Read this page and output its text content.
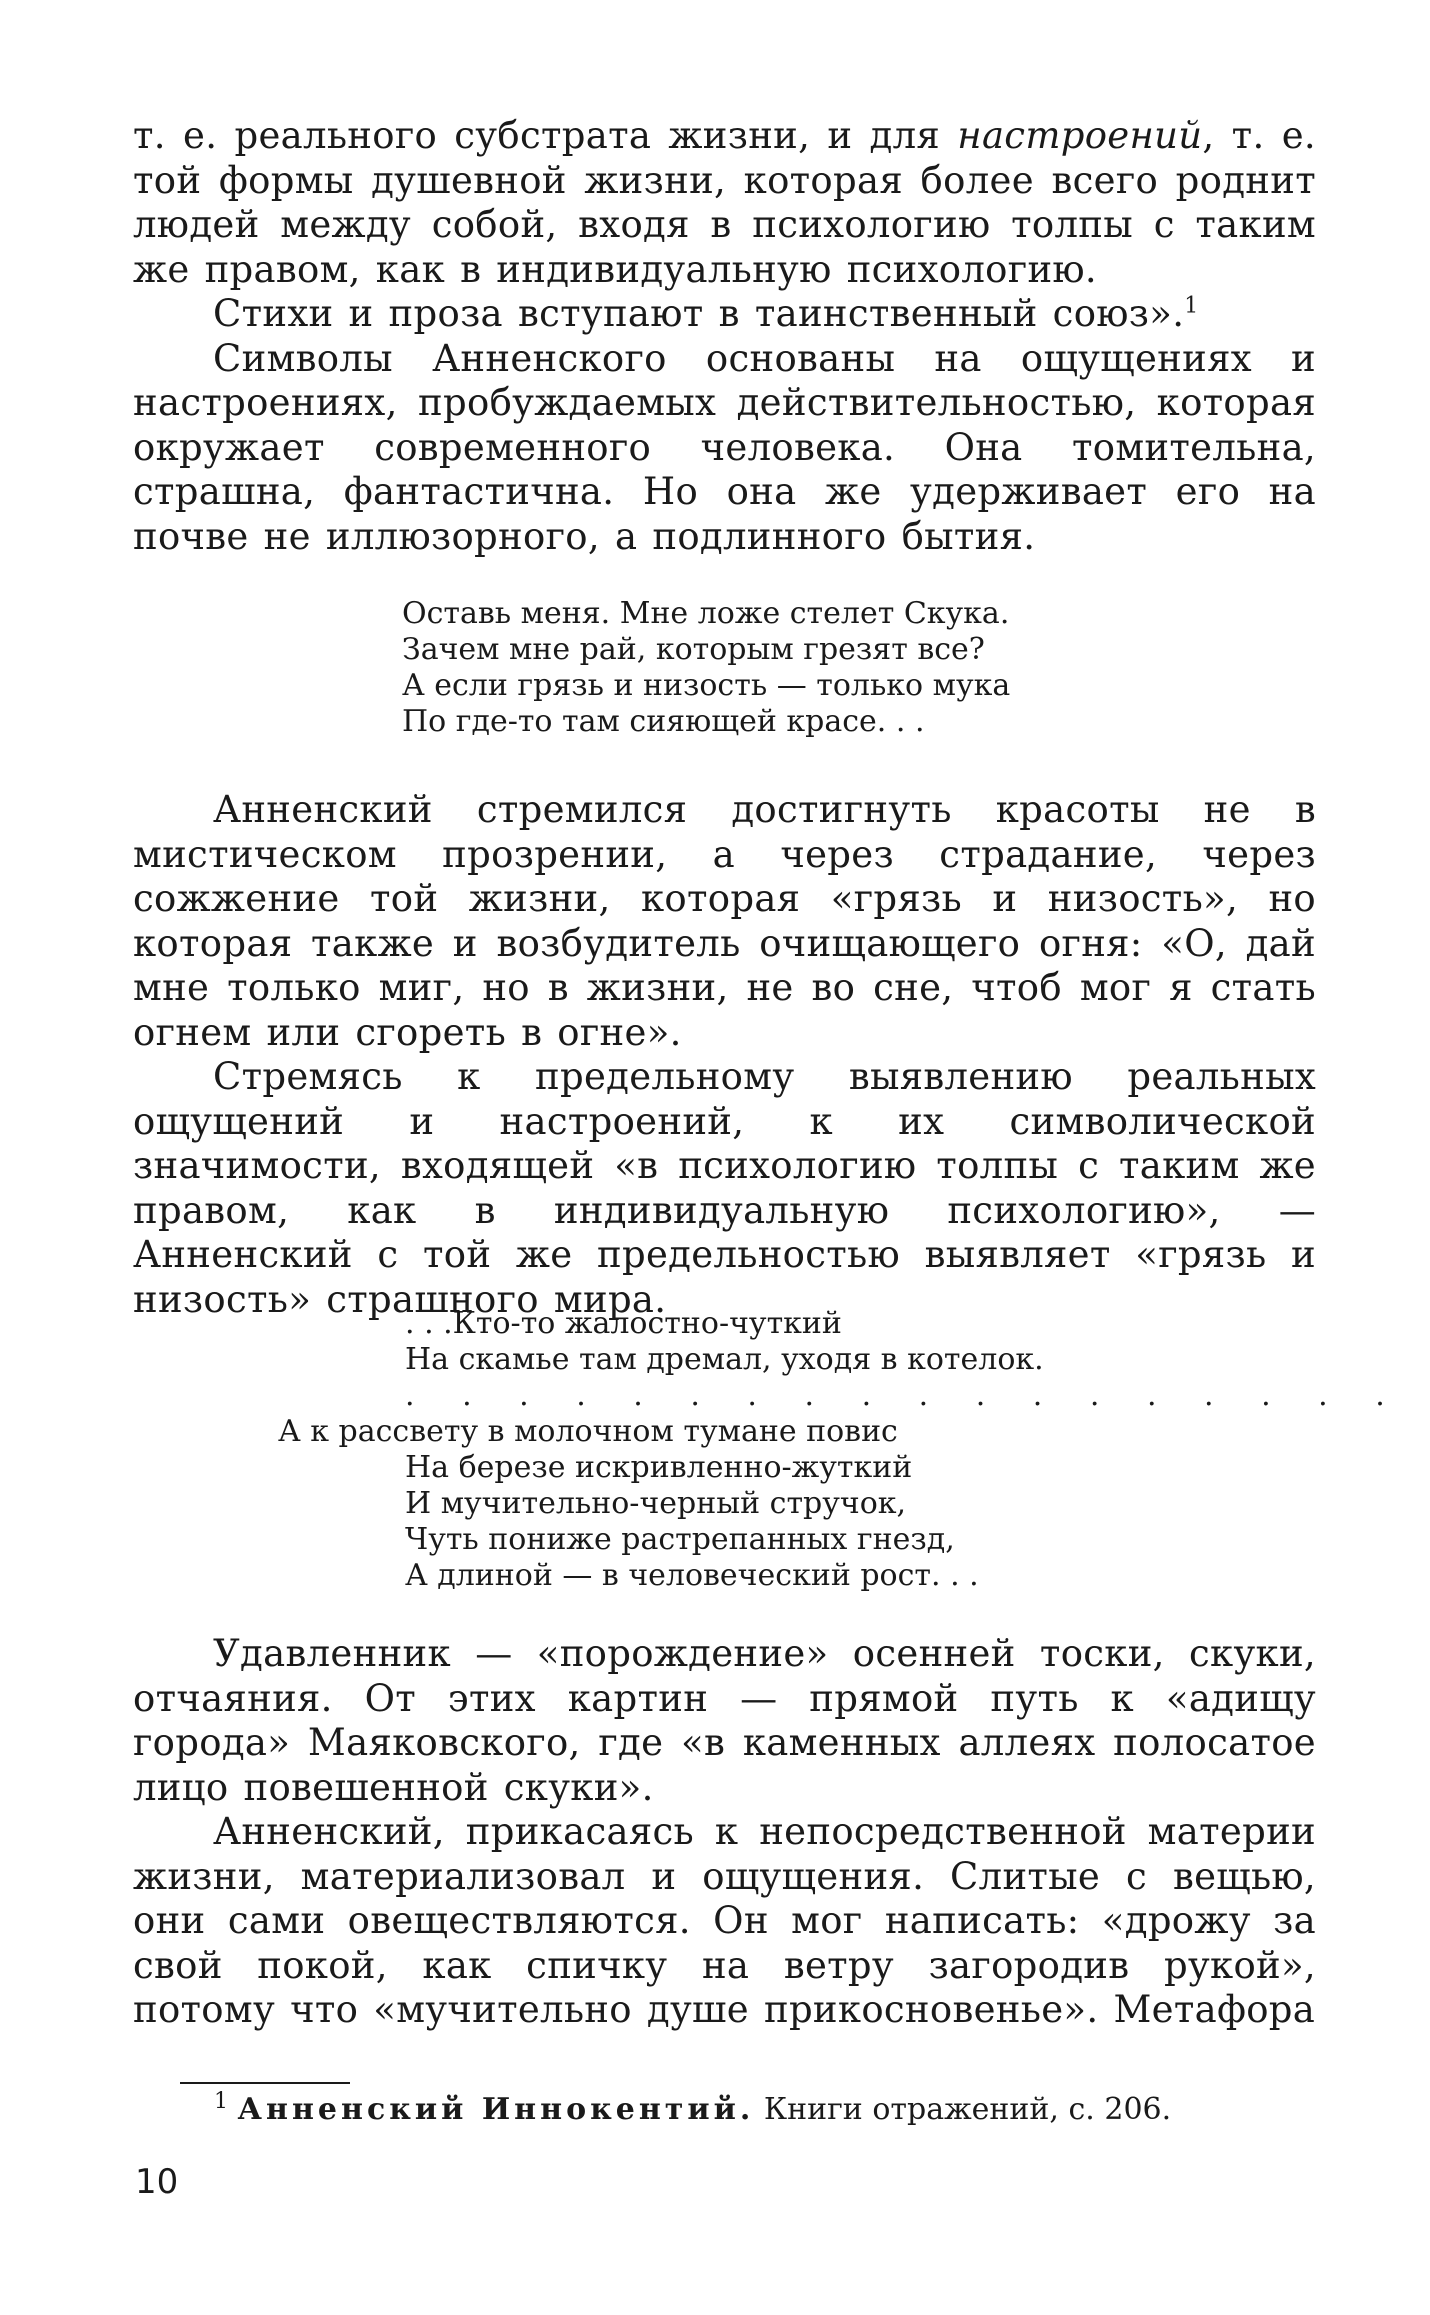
т. е. реального субстрата жизни, и для настроений, т. е. той формы душевной жизни, которая более всего роднит людей между собой, входя в психологию толпы с таким же правом, как в индивидуальную психологию.

Стихи и проза вступают в таинственный союз».$^1$

Символы Анненского основаны на ощущениях и настроениях, пробуждаемых действительностью, которая окружает современного человека. Она томительна, страшна, фантастична. Но она же удерживает его на почве не иллюзорного, а подлинного бытия.

Оставь меня. Мне ложе стелет Скука.
Зачем мне рай, которым грезят все?
А если грязь и низость — только мука
По где-то там сияющей красе. . .

Анненский стремился достигнуть красоты не в мистическом прозрении, а через страдание, через сожжение той жизни, которая «грязь и низость», но которая также и возбудитель очищающего огня: «О, дай мне только миг, но в жизни, не во сне, чтоб мог я стать огнем или сгореть в огне».

Стремясь к предельному выявлению реальных ощущений и настроений, к их символической значимости, входящей «в психологию толпы с таким же правом, как в индивидуальную психологию», — Анненский с той же предельностью выявляет «грязь и низость» страшного мира.

. . .Кто-то жалостно-чуткий
На скамье там дремал, уходя в котелок.
. . . . . . . . . . . . . . . . . .
А к рассвету в молочном тумане повис
На березе искривленно-жуткий
И мучительно-черный стручок,
Чуть пониже растрепанных гнезд,
А длиной — в человеческий рост. . .

Удавленник — «порождение» осенней тоски, скуки, отчаяния. От этих картин — прямой путь к «адищу города» Маяковского, где «в каменных аллеях полосатое лицо повешенной скуки».

Анненский, прикасаясь к непосредственной материи жизни, материализовал и ощущения. Слитые с вещью, они сами овеществляются. Он мог написать: «дрожу за свой покой, как спичку на ветру загородив рукой», потому что «мучительно душе прикосновенье». Метафора

$^1$ Анненский Иннокентий. Книги отражений, с. 206.
10
